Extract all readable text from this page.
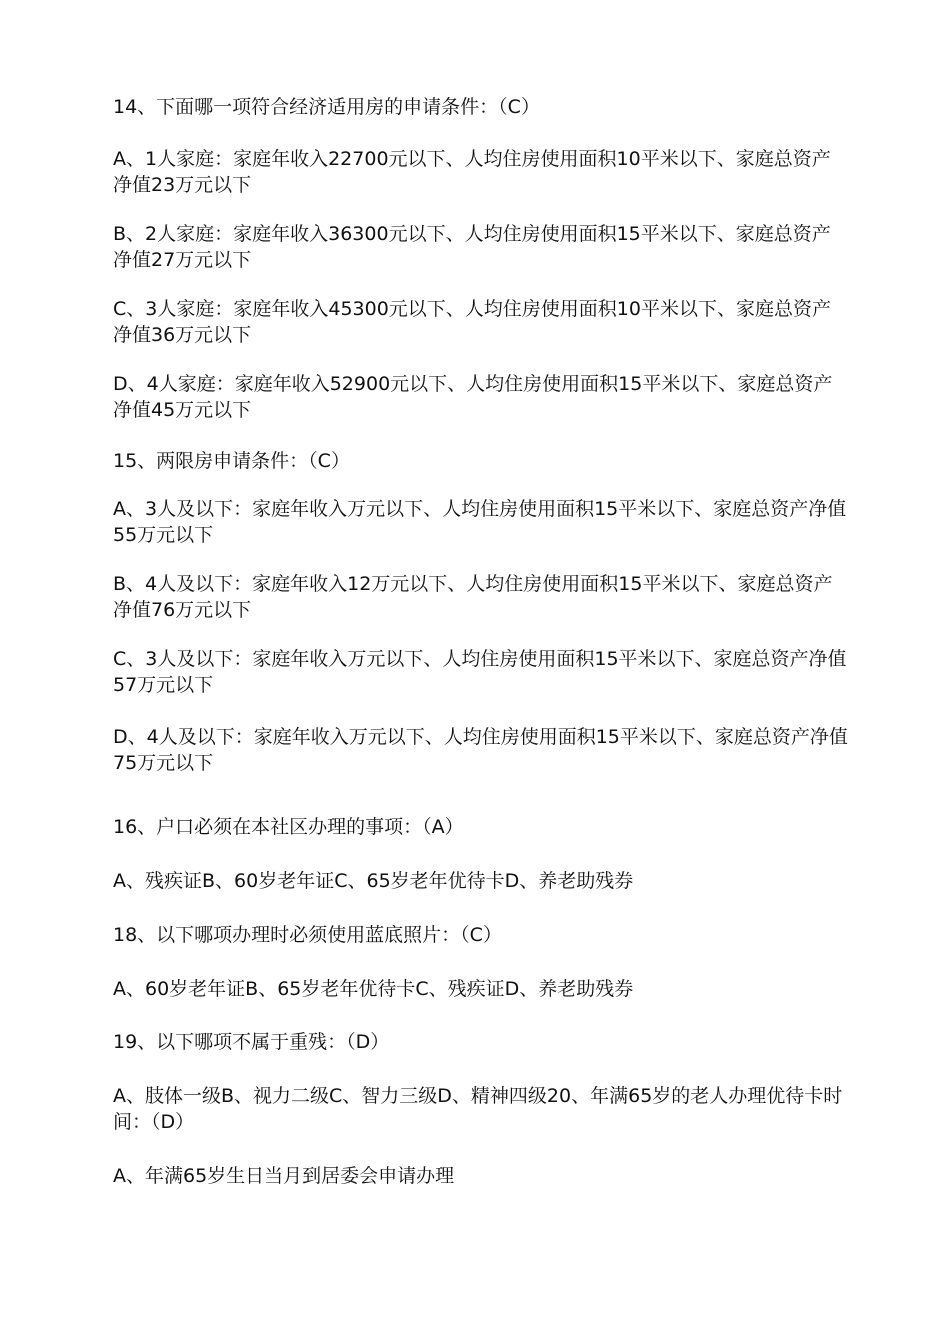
14、下面哪一项符合经济适用房的申请条件：（C）

A、1人家庭：家庭年收入22700元以下、人均住房使用面积10平米以下、家庭总资产净值23万元以下

B、2人家庭：家庭年收入36300元以下、人均住房使用面积15平米以下、家庭总资产净值27万元以下

C、3人家庭：家庭年收入45300元以下、人均住房使用面积10平米以下、家庭总资产净值36万元以下

D、4人家庭：家庭年收入52900元以下、人均住房使用面积15平米以下、家庭总资产净值45万元以下

15、两限房申请条件：（C）

A、3人及以下：家庭年收入万元以下、人均住房使用面积15平米以下、家庭总资产净值55万元以下

B、4人及以下：家庭年收入12万元以下、人均住房使用面积15平米以下、家庭总资产净值76万元以下

C、3人及以下：家庭年收入万元以下、人均住房使用面积15平米以下、家庭总资产净值57万元以下

D、4人及以下：家庭年收入万元以下、人均住房使用面积15平米以下、家庭总资产净值75万元以下

16、户口必须在本社区办理的事项：（A）

A、残疾证B、60岁老年证C、65岁老年优待卡D、养老助残券

18、以下哪项办理时必须使用蓝底照片：（C）

A、60岁老年证B、65岁老年优待卡C、残疾证D、养老助残券

19、以下哪项不属于重残：（D）

A、肢体一级B、视力二级C、智力三级D、精神四级20、年满65岁的老人办理优待卡时间：（D）

A、年满65岁生日当月到居委会申请办理
